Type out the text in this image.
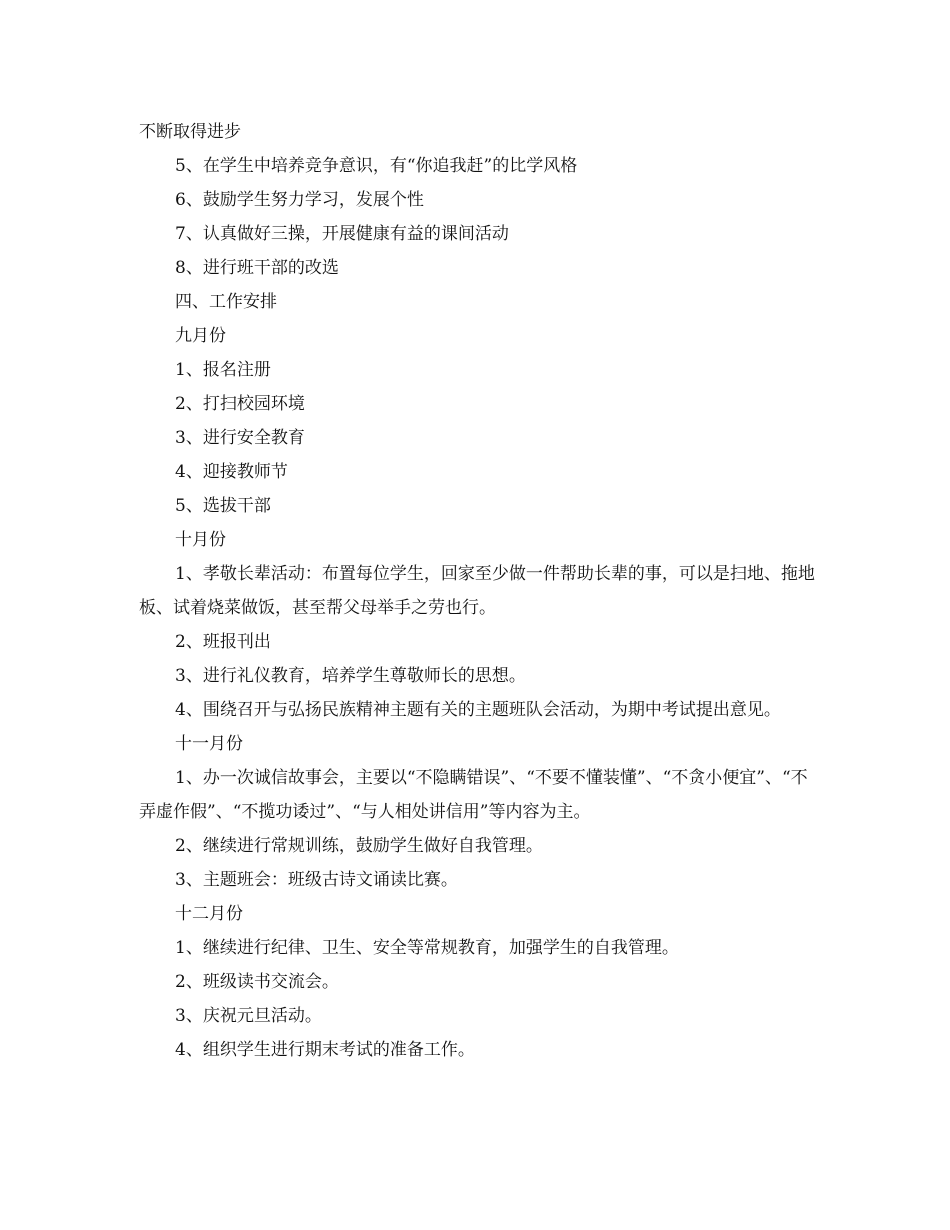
不断取得进步

5、在学生中培养竞争意识，有“你追我赶”的比学风格

6、鼓励学生努力学习，发展个性

7、认真做好三操，开展健康有益的课间活动

8、进行班干部的改选

四、工作安排

九月份

1、报名注册

2、打扫校园环境

3、进行安全教育

4、迎接教师节

5、选拔干部

十月份

1、孝敬长辈活动：布置每位学生，回家至少做一件帮助长辈的事，可以是扫地、拖地板、试着烧菜做饭，甚至帮父母举手之劳也行。

2、班报刊出

3、进行礼仪教育，培养学生尊敬师长的思想。

4、围绕召开与弘扬民族精神主题有关的主题班队会活动，为期中考试提出意见。

十一月份

1、办一次诚信故事会，主要以“不隐瞒错误”、“不要不懂装懂”、“不贪小便宜”、“不弄虚作假”、“不揽功诿过”、“与人相处讲信用”等内容为主。

2、继续进行常规训练，鼓励学生做好自我管理。

3、主题班会：班级古诗文诵读比赛。

十二月份

1、继续进行纪律、卫生、安全等常规教育，加强学生的自我管理。

2、班级读书交流会。

3、庆祝元旦活动。

4、组织学生进行期末考试的准备工作。
